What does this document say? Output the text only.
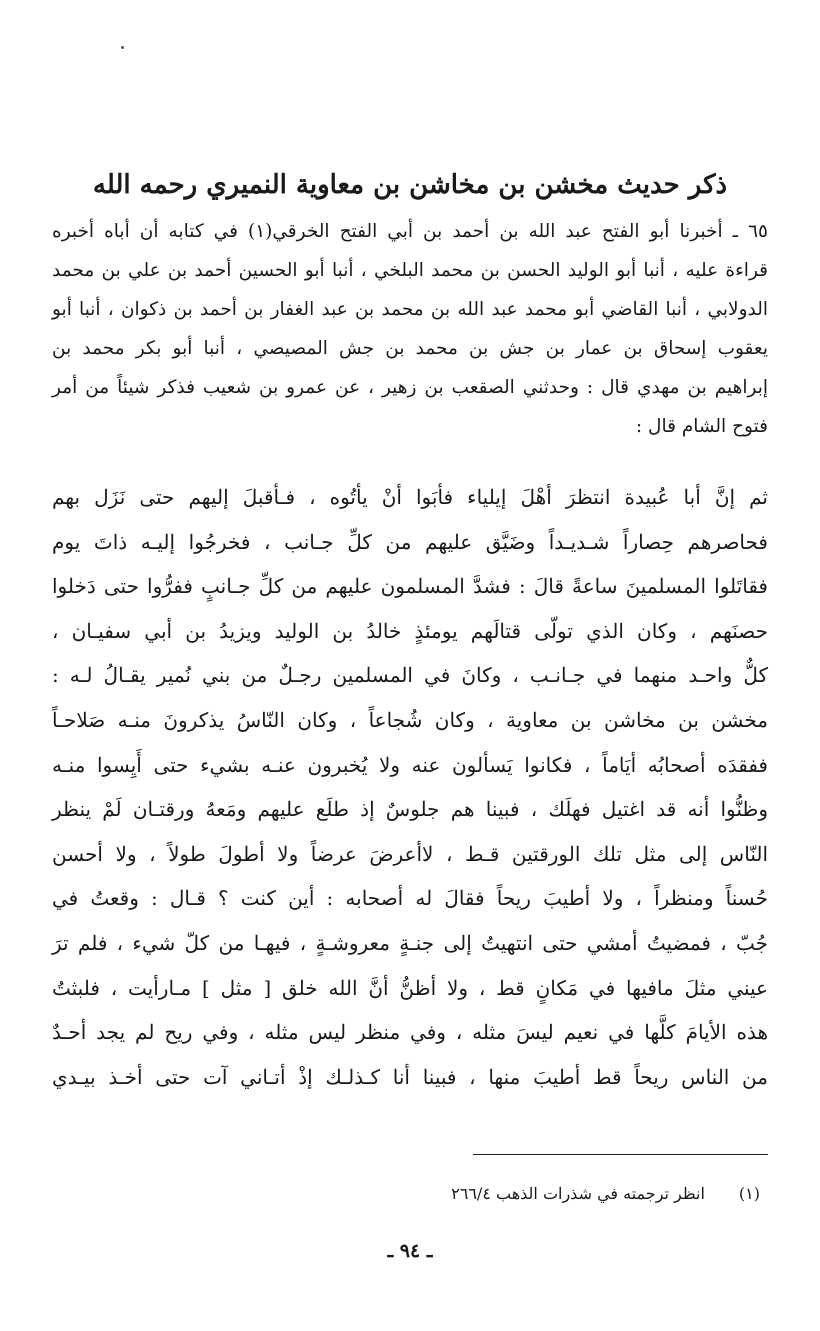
ذكر حديث مخشن بن مخاشن بن معاوية النميري رحمه الله

٦٥ ـ أخبرنا أبو الفتح عبد الله بن أحمد بن أبي الفتح الخرقي(١) في كتابه أن أباه أخبره
قراءة عليه ، أنبا أبو الوليد الحسن بن محمد البلخي ، أنبا أبو الحسين أحمد بن علي بن محمد
الدولابي ، أنبا القاضي أبو محمد عبد الله بن محمد بن عبد الغفار بن أحمد بن ذكوان ، أنبا أبو
يعقوب إسحاق بن عمار بن جش بن محمد بن جش المصيصي ، أنبا أبو بكر محمد بن
إبراهيم بن مهدي قال : وحدثني الصقعب بن زهير ، عن عمرو بن شعيب فذكر شيئاً من أمر
فتوح الشام قال :

ثم إنَّ أبا عُبيدة انتظرَ أهْلَ إيلياء فأبَوا أنْ يأتُوه ، فـأقبلَ إليهم حتى نَزَل بهم
فحاصرهم حِصاراً شـديـداً وضَيَّق عليهم من كلِّ جـانب ، فخرجُوا إليـه ذاتَ يوم
فقاتَلوا المسلمينَ ساعةً قالَ : فشدَّ المسلمون عليهم من كلِّ جـانبٍ ففرُّوا حتى دَخلوا
حصنَهم ، وكان الذي تولّى قتالَهم يومئذٍ خالدُ بن الوليد ويزيدُ بن أبي سفيـان ،
كلٌّ واحـد منهما في جـانـب ، وكانَ في المسلمين رجـلٌ من بني نُمير يقـالُ لـه :
مخشن بن مخاشن بن معاوية ، وكان شُجاعاً ، وكان النّاسُ يذكرونَ منـه صَلاحـاً
ففقدَه أصحابُه أيَاماً ، فكانوا يَسألون عنه ولا يُخبرون عنـه بشيء حتى أَيِسوا منـه
وظنُّوا أنه قد اغتيل فهلَك ، فبينا هم جلوسٌ إذ طلَع عليهم ومَعهُ ورقتـان لَمْ ينظر
النّاس إلى مثل تلك الورقتين قـط ، لاأعرضَ عرضاً ولا أطولَ طولاً ، ولا أحسن
حُسناً ومنظراً ، ولا أطيبَ ريحاً فقالَ له أصحابه : أين كنت ؟ قـال : وقعتُ في
جُبّ ، فمضيتُ أمشي حتى انتهيتُ إلى جنـةٍ معروشـةٍ ، فيهـا من كلّ شيء ، فلم ترَ
عيني مثلَ مافيها في مَكانٍ قط ، ولا أظنُّ أنَّ الله خلق [ مثل ] مـارأيت ، فلبثتُ
هذه الأيامَ كلَّها في نعيم ليسَ مثله ، وفي منظر ليس مثله ، وفي ريح لم يجد أحـدٌ
من الناس ريحاً قط أطيبَ منها ، فبينا أنا كـذلـك إذْ أتـاني آت حتى أخـذ بيـدي

(١)انظر ترجمته في شذرات الذهب ٢٦٦/٤
ـ ٩٤ ـ
